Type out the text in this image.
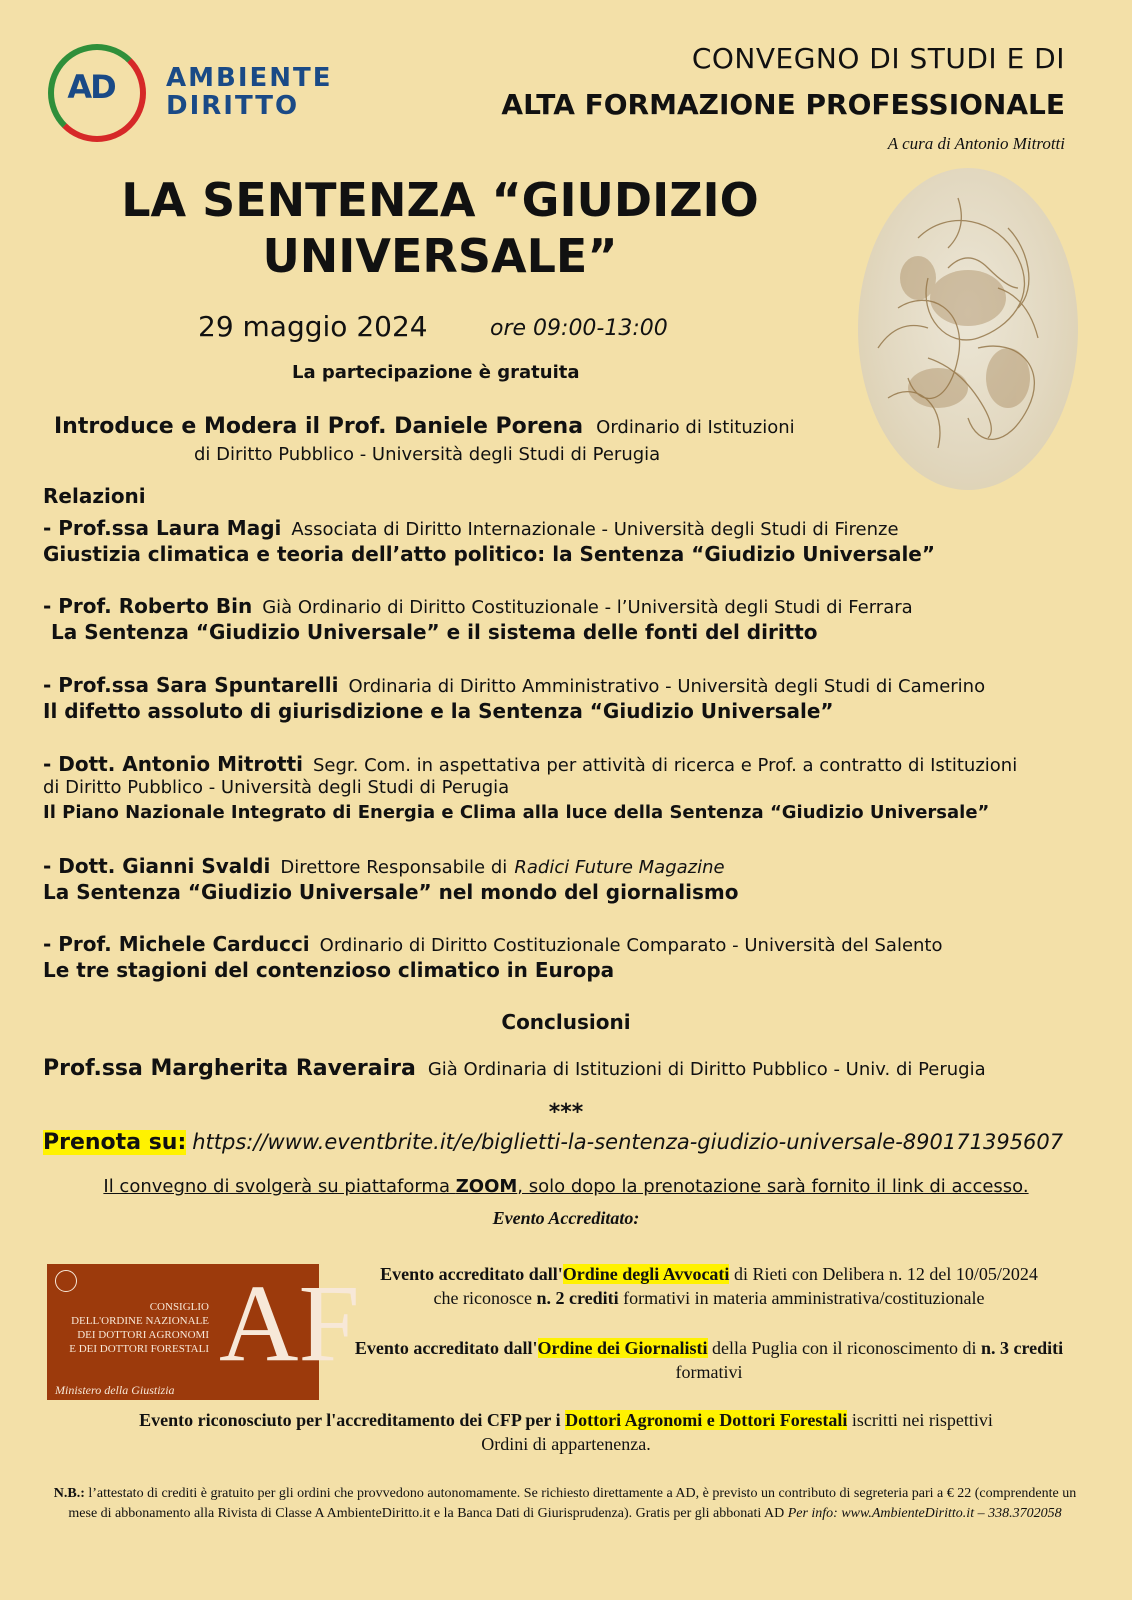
AD	AMBIENTE
DIRITTO
CONVEGNO DI STUDI E DI
ALTA FORMAZIONE PROFESSIONALE
A cura di Antonio Mitrotti
LA SENTENZA “GIUDIZIO UNIVERSALE”
29 maggio 2024	ore 09:00-13:00
La partecipazione è gratuita
Introduce e Modera il Prof. Daniele Porena Ordinario di Istituzioni
di Diritto Pubblico - Università degli Studi di Perugia
Relazioni
- Prof.ssa Laura Magi Associata di Diritto Internazionale - Università degli Studi di Firenze
Giustizia climatica e teoria dell’atto politico: la Sentenza “Giudizio Universale”
- Prof. Roberto Bin Già Ordinario di Diritto Costituzionale - l’Università degli Studi di Ferrara
La Sentenza “Giudizio Universale” e il sistema delle fonti del diritto
- Prof.ssa Sara Spuntarelli Ordinaria di Diritto Amministrativo - Università degli Studi di Camerino
Il difetto assoluto di giurisdizione e la Sentenza “Giudizio Universale”
- Dott. Antonio Mitrotti Segr. Com. in aspettativa per attività di ricerca e Prof. a contratto di Istituzioni
di Diritto Pubblico - Università degli Studi di Perugia
Il Piano Nazionale Integrato di Energia e Clima alla luce della Sentenza “Giudizio Universale”
- Dott. Gianni Svaldi Direttore Responsabile di Radici Future Magazine
La Sentenza “Giudizio Universale” nel mondo del giornalismo
- Prof. Michele Carducci Ordinario di Diritto Costituzionale Comparato - Università del Salento
Le tre stagioni del contenzioso climatico in Europa
Conclusioni
Prof.ssa Margherita Raveraira Già Ordinaria di Istituzioni di Diritto Pubblico - Univ. di Perugia
***
Prenota su: https://www.eventbrite.it/e/biglietti-la-sentenza-giudizio-universale-890171395607
Il convegno di svolgerà su piattaforma ZOOM, solo dopo la prenotazione sarà fornito il link di accesso.
Evento Accreditato:
CONSIGLIO
DELL'ORDINE NAZIONALE
DEI DOTTORI AGRONOMI
E DEI DOTTORI FORESTALI AF
Ministero della Giustizia
Evento accreditato dall'Ordine degli Avvocati di Rieti con Delibera n. 12 del 10/05/2024
che riconosce n. 2 crediti formativi in materia amministrativa/costituzionale
Evento accreditato dall'Ordine dei Giornalisti della Puglia con il riconoscimento di n. 3 crediti formativi
Evento riconosciuto per l'accreditamento dei CFP per i Dottori Agronomi e Dottori Forestali iscritti nei rispettivi
Ordini di appartenenza.
N.B.: l’attestato di crediti è gratuito per gli ordini che provvedono autonomamente. Se richiesto direttamente a AD, è previsto un contributo di segreteria pari a € 22 (comprendente un mese di abbonamento alla Rivista di Classe A AmbienteDiritto.it e la Banca Dati di Giurisprudenza). Gratis per gli abbonati AD Per info: www.AmbienteDiritto.it – 338.3702058
